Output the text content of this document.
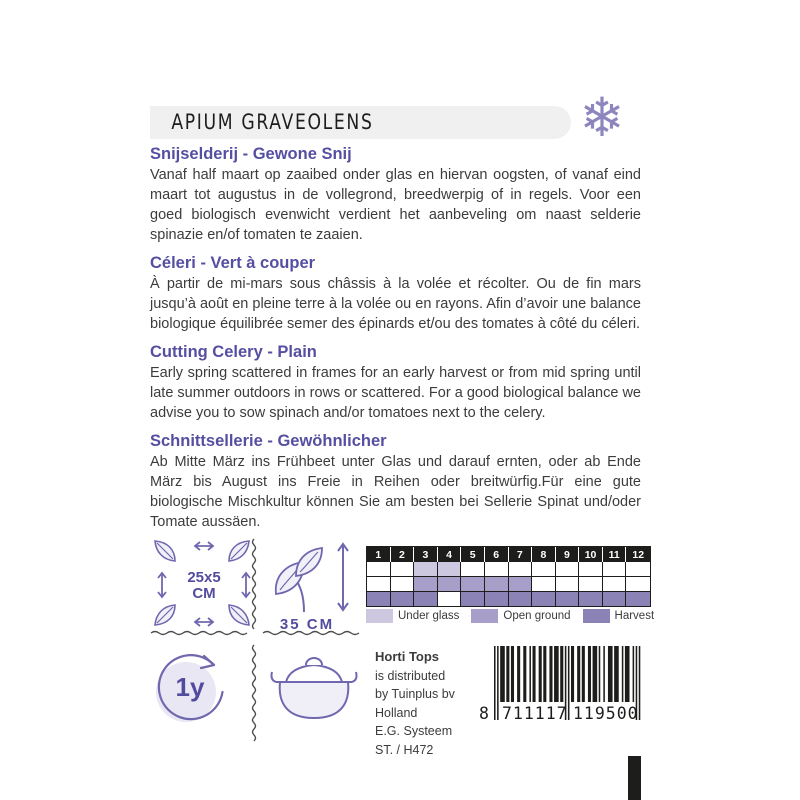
APIUM GRAVEOLENS	❄
Snijselderij - Gewone Snij

Vanaf half maart op zaaibed onder glas en hiervan oogsten, of vanaf eind maart tot augustus in de vollegrond, breedwerpig of in regels. Voor een goed biologisch evenwicht verdient het aanbeveling om naast selderie spinazie en/of tomaten te zaaien.

Céleri - Vert à couper

À partir de mi-mars sous châssis à la volée et récolter. Ou de fin mars jusqu’à août en pleine terre à la volée ou en rayons. Afin d’avoir une balance biologique équilibrée semer des épinards et/ou des tomates à côté du céleri.

Cutting Celery - Plain

Early spring scattered in frames for an early harvest or from mid spring until late summer outdoors in rows or scattered. For a good biological balance we advise you to sow spinach and/or tomatoes next to the celery.

Schnittsellerie - Gewöhnlicher

Ab Mitte März ins Frühbeet unter Glas und darauf ernten, oder ab Ende März bis August ins Freie in Reihen oder breitwürfig.Für eine gute biologische Mischkultur können Sie am besten bei Sellerie Spinat und/oder Tomate aussäen.

25x5
CM
35 CM
1	2	3	4	5	6	7	8	9	10	11	12
Under glass	Open ground	Harvest
1y
Horti Tops
is distributed
by Tuinplus bv
Holland
E.G. Systeem
ST. / H472
8 711117 119500
